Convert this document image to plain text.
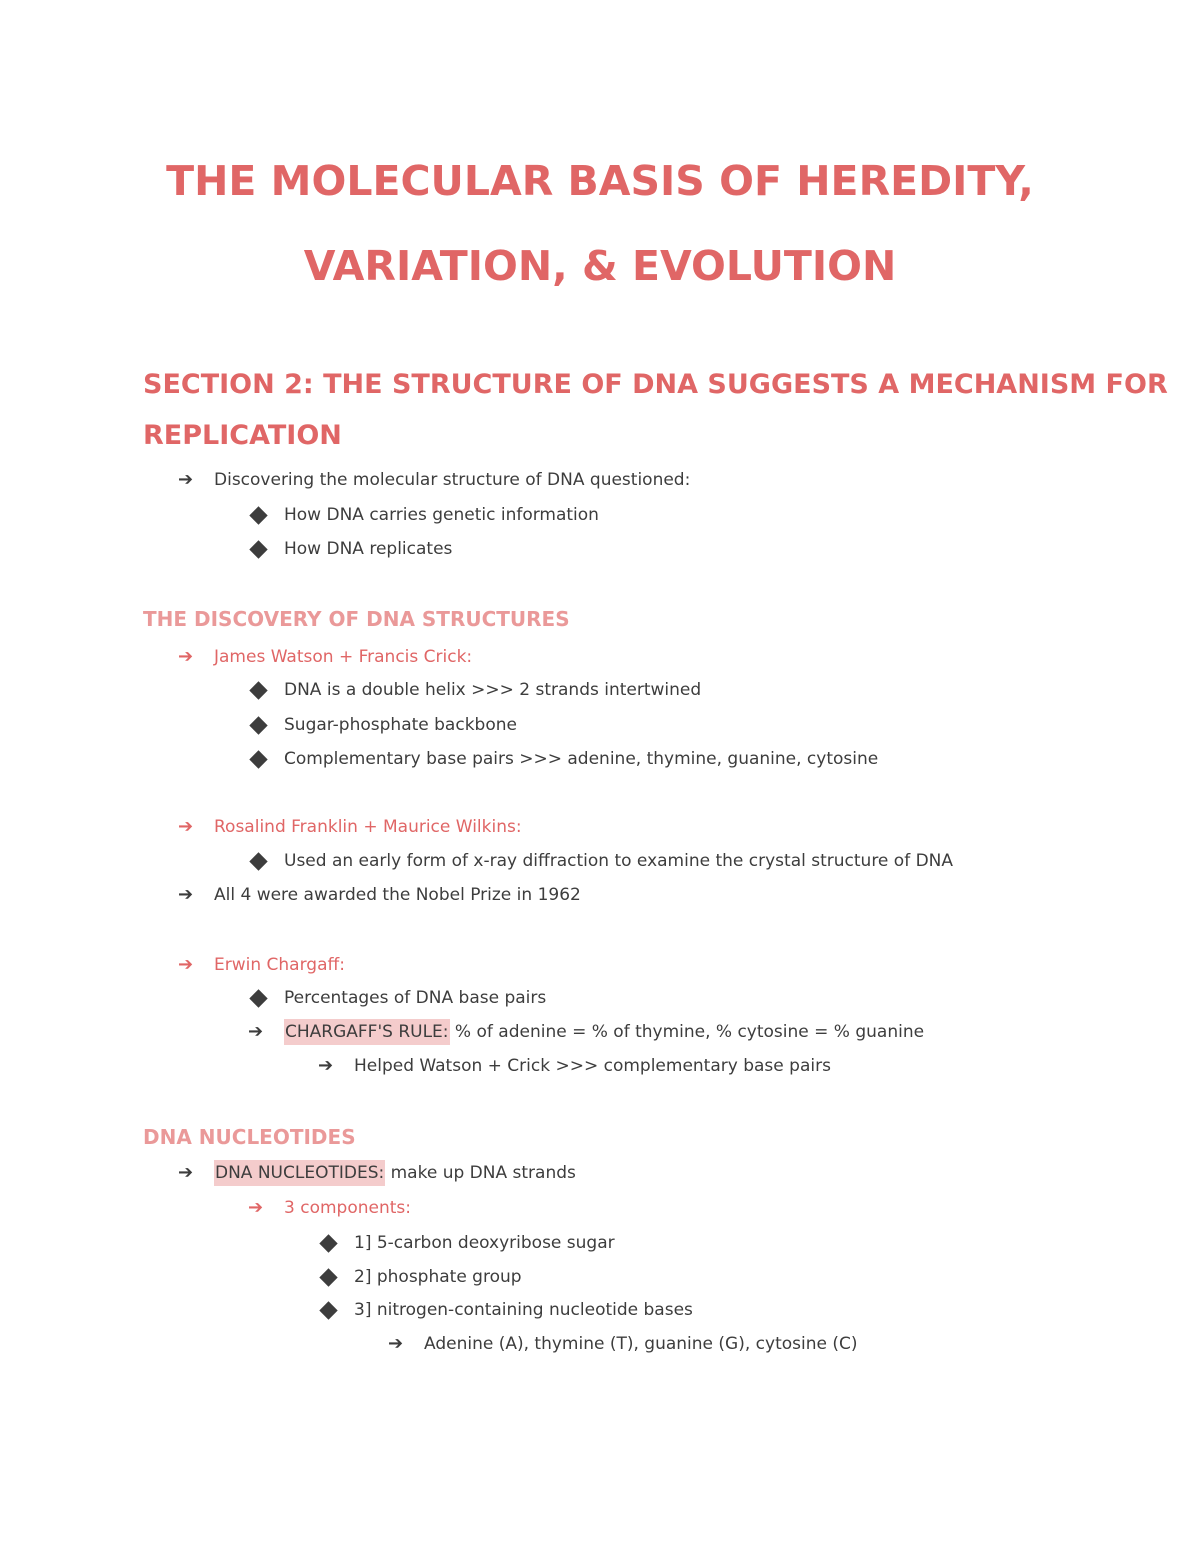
THE MOLECULAR BASIS OF HEREDITY,
VARIATION, & EVOLUTION
SECTION 2: THE STRUCTURE OF DNA SUGGESTS A MECHANISM FOR
REPLICATION
➔	Discovering the molecular structure of DNA questioned:
How DNA carries genetic information
How DNA replicates
THE DISCOVERY OF DNA STRUCTURES
➔	James Watson + Francis Crick:
DNA is a double helix >>> 2 strands intertwined
Sugar-phosphate backbone
Complementary base pairs >>> adenine, thymine, guanine, cytosine
➔	Rosalind Franklin + Maurice Wilkins:
Used an early form of x-ray diffraction to examine the crystal structure of DNA
➔	All 4 were awarded the Nobel Prize in 1962
➔	Erwin Chargaff:
Percentages of DNA base pairs
➔	CHARGAFF'S RULE: % of adenine = % of thymine, % cytosine = % guanine
➔	Helped Watson + Crick >>> complementary base pairs
DNA NUCLEOTIDES
➔	DNA NUCLEOTIDES: make up DNA strands
➔	3 components:
1] 5-carbon deoxyribose sugar
2] phosphate group
3] nitrogen-containing nucleotide bases
➔	Adenine (A), thymine (T), guanine (G), cytosine (C)
